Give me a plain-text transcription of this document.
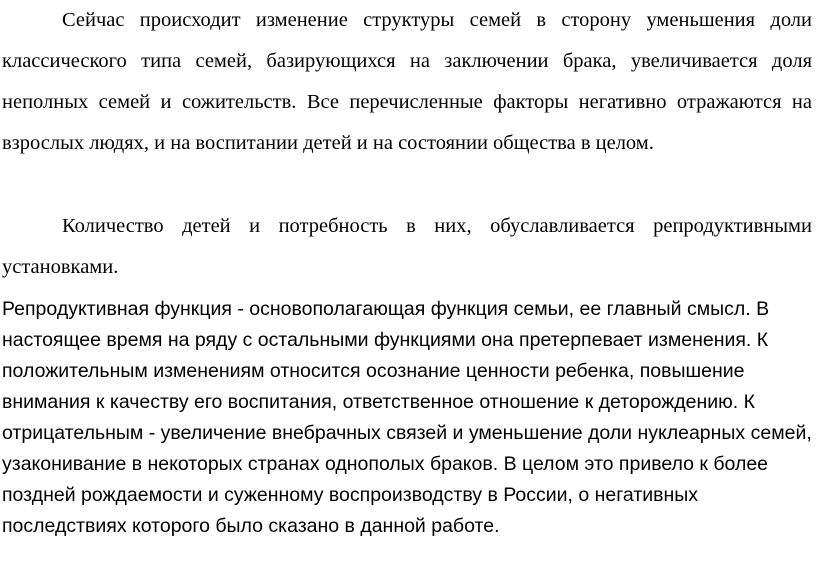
Сейчас происходит изменение структуры семей в сторону уменьшения доли классического типа семей, базирующихся на заключении брака, увеличивается доля неполных семей и сожительств. Все перечисленные факторы негативно отражаются на взрослых людях, и на воспитании детей и на состоянии общества в целом.

Количество детей и потребность в них, обуславливается репродуктивными установками.

Репродуктивная функция - основополагающая функция семьи, ее главный смысл. В настоящее время на ряду с остальными функциями она претерпевает изменения. К положительным изменениям относится осознание ценности ребенка, повышение внимания к качеству его воспитания, ответственное отношение к деторождению. К отрицательным - увеличение внебрачных связей и уменьшение доли нуклеарных семей, узаконивание в некоторых странах однополых браков. В целом это привело к более поздней рождаемости и суженному воспроизводству в России, о негативных последствиях которого было сказано в данной работе.
